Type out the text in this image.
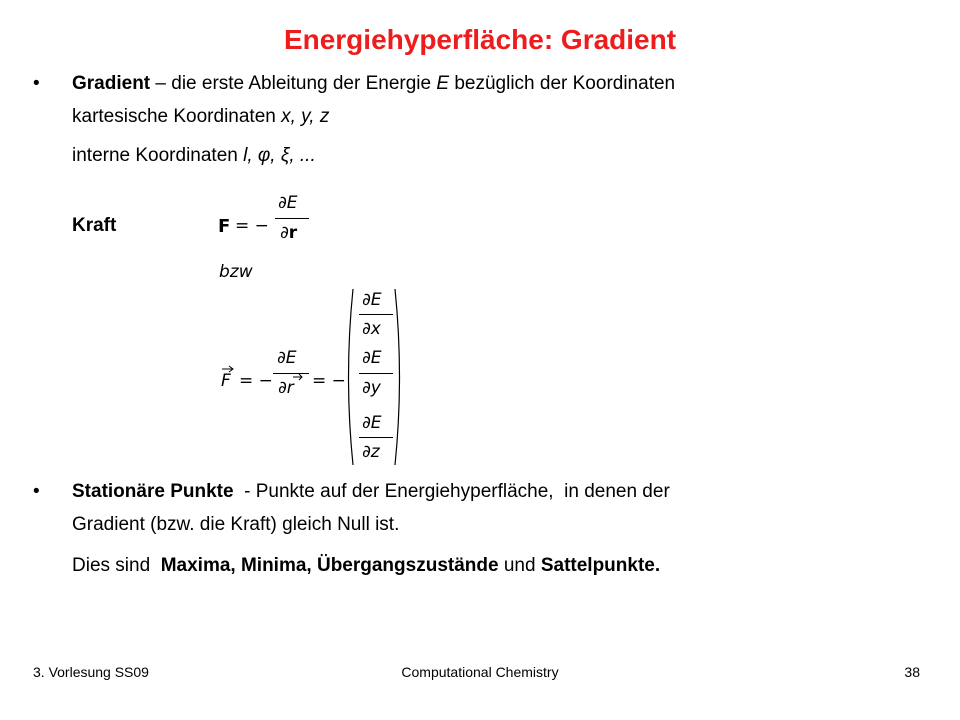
Energiehyperfläche: Gradient
• Gradient – die erste Ableitung der Energie E bezüglich der Koordinaten
kartesische Koordinaten x, y, z
interne Koordinaten l, φ, ξ, ...
Kraft	F = −
∂E
∂r
bzw
F = −
∂E
∂r = −
∂E
∂x
∂E
∂y
∂E
∂z
• Stationäre Punkte  - Punkte auf der Energiehyperfläche,  in denen der
Gradient (bzw. die Kraft) gleich Null ist.
Dies sind  Maxima, Minima, Übergangszustände und Sattelpunkte.
3. Vorlesung SS09	Computational Chemistry	38
